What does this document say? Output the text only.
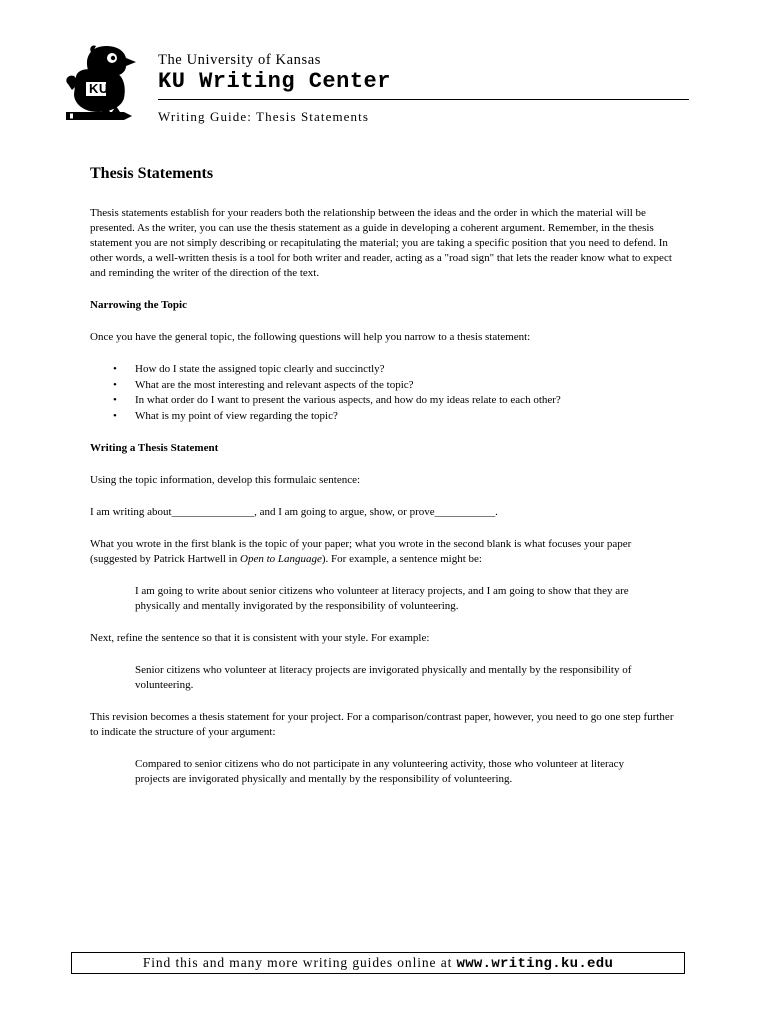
KU
The University of Kansas
KU Writing Center
Writing Guide: Thesis Statements
Thesis Statements

Thesis statements establish for your readers both the relationship between the ideas and the order in which the material will be presented. As the writer, you can use the thesis statement as a guide in developing a coherent argument. Remember, in the thesis statement you are not simply describing or recapitulating the material; you are taking a specific position that you need to defend. In other words, a well-written thesis is a tool for both writer and reader, acting as a "road sign" that lets the reader know what to expect and reminding the writer of the direction of the text.

Narrowing the Topic

Once you have the general topic, the following questions will help you narrow to a thesis statement:

• How do I state the assigned topic clearly and succinctly?
• What are the most interesting and relevant aspects of the topic?
• In what order do I want to present the various aspects, and how do my ideas relate to each other?
• What is my point of view regarding the topic?
Writing a Thesis Statement

Using the topic information, develop this formulaic sentence:

I am writing about_______________, and I am going to argue, show, or prove___________.

What you wrote in the first blank is the topic of your paper; what you wrote in the second blank is what focuses your paper (suggested by Patrick Hartwell in Open to Language). For example, a sentence might be:

I am going to write about senior citizens who volunteer at literacy projects, and I am going to show that they are physically and mentally invigorated by the responsibility of volunteering.

Next, refine the sentence so that it is consistent with your style. For example:

Senior citizens who volunteer at literacy projects are invigorated physically and mentally by the responsibility of volunteering.

This revision becomes a thesis statement for your project. For a comparison/contrast paper, however, you need to go one step further to indicate the structure of your argument:

Compared to senior citizens who do not participate in any volunteering activity, those who volunteer at literacy projects are invigorated physically and mentally by the responsibility of volunteering.

Find this and many more writing guides online at www.writing.ku.edu
